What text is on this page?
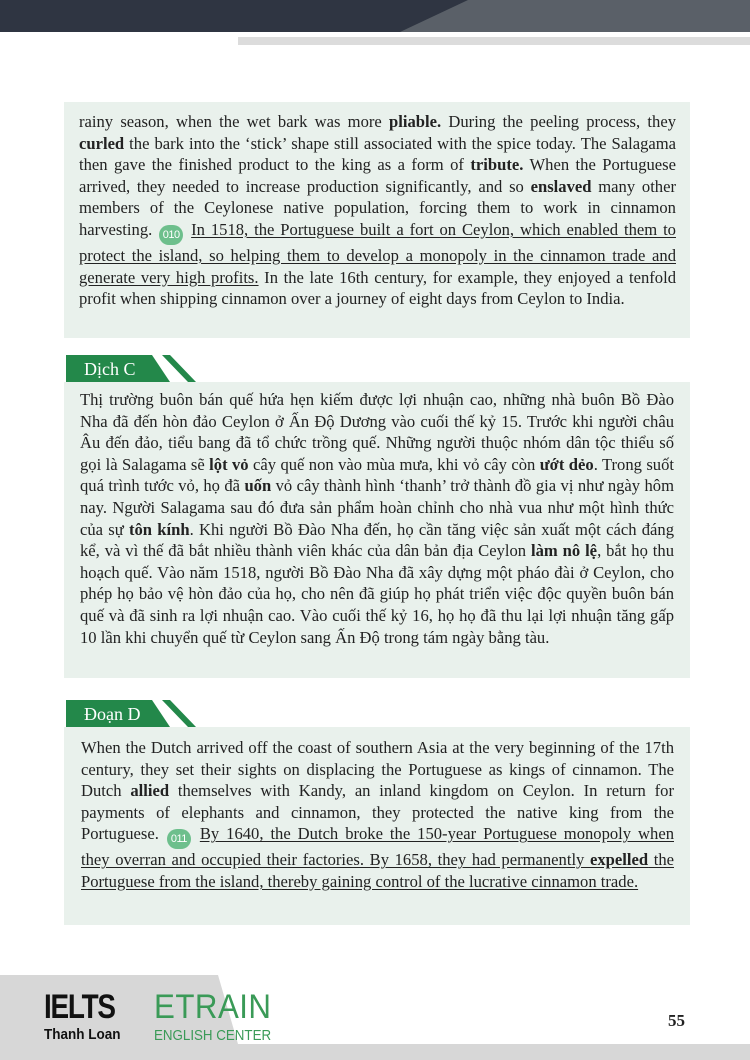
rainy season, when the wet bark was more pliable. During the peeling process, they curled the bark into the ‘stick’ shape still associated with the spice today. The Salagama then gave the finished product to the king as a form of tribute. When the Portuguese arrived, they needed to increase production significantly, and so enslaved many other members of the Ceylonese native population, forcing them to work in cinnamon harvesting. 010 In 1518, the Portuguese built a fort on Ceylon, which enabled them to protect the island, so helping them to develop a monopoly in the cinnamon trade and generate very high profits. In the late 16th century, for example, they enjoyed a tenfold profit when shipping cinnamon over a journey of eight days from Ceylon to India.

Dịch C

Thị trường buôn bán quế hứa hẹn kiếm được lợi nhuận cao, những nhà buôn Bồ Đào Nha đã đến hòn đảo Ceylon ở Ấn Độ Dương vào cuối thế kỷ 15. Trước khi người châu Âu đến đảo, tiểu bang đã tổ chức trồng quế. Những người thuộc nhóm dân tộc thiểu số gọi là Salagama sẽ lột vỏ cây quế non vào mùa mưa, khi vỏ cây còn ướt dẻo. Trong suốt quá trình tước vỏ, họ đã uốn vỏ cây thành hình ‘thanh’ trở thành đồ gia vị như ngày hôm nay. Người Salagama sau đó đưa sản phẩm hoàn chỉnh cho nhà vua như một hình thức của sự tôn kính. Khi người Bồ Đào Nha đến, họ cần tăng việc sản xuất một cách đáng kể, và vì thế đã bắt nhiều thành viên khác của dân bản địa Ceylon làm nô lệ, bắt họ thu hoạch quế. Vào năm 1518, người Bồ Đào Nha đã xây dựng một pháo đài ở Ceylon, cho phép họ bảo vệ hòn đảo của họ, cho nên đã giúp họ phát triển việc độc quyền buôn bán quế và đã sinh ra lợi nhuận cao. Vào cuối thế kỷ 16, họ họ đã thu lại lợi nhuận tăng gấp 10 lần khi chuyển quế từ Ceylon sang Ấn Độ trong tám ngày bằng tàu.

Đoạn D

When the Dutch arrived off the coast of southern Asia at the very beginning of the 17th century, they set their sights on displacing the Portuguese as kings of cinnamon. The Dutch allied themselves with Kandy, an inland kingdom on Ceylon. In return for payments of elephants and cinnamon, they protected the native king from the Portuguese. 011 By 1640, the Dutch broke the 150-year Portuguese monopoly when they overran and occupied their factories. By 1658, they had permanently expelled the Portuguese from the island, thereby gaining control of the lucrative cinnamon trade.

IELTS
Thanh Loan
ETRAIN
ENGLISH CENTER
55
